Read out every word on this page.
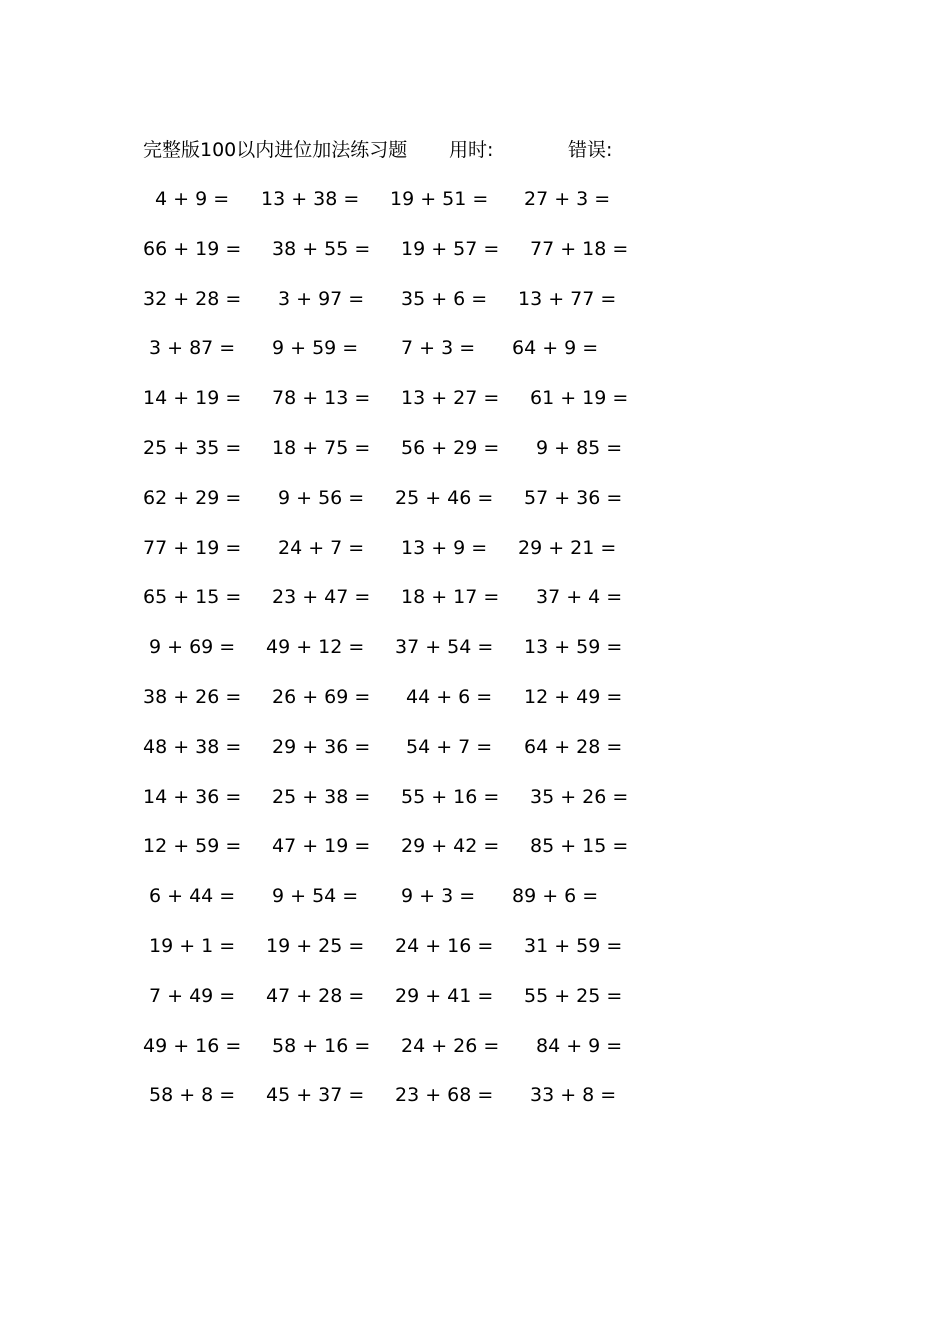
完整版100以内进位加法练习题 用时:	错误:
4 + 9 = 13 + 38 = 19 + 51 = 27 + 3 =
66 + 19 = 38 + 55 = 19 + 57 = 77 + 18 =
32 + 28 = 3 + 97 = 35 + 6 = 13 + 77 =
3 + 87 = 9 + 59 = 7 + 3 = 64 + 9 =
14 + 19 = 78 + 13 = 13 + 27 = 61 + 19 =
25 + 35 = 18 + 75 = 56 + 29 = 9 + 85 =
62 + 29 = 9 + 56 = 25 + 46 = 57 + 36 =
77 + 19 = 24 + 7 = 13 + 9 = 29 + 21 =
65 + 15 = 23 + 47 = 18 + 17 = 37 + 4 =
9 + 69 = 49 + 12 = 37 + 54 = 13 + 59 =
38 + 26 = 26 + 69 = 44 + 6 = 12 + 49 =
48 + 38 = 29 + 36 = 54 + 7 = 64 + 28 =
14 + 36 = 25 + 38 = 55 + 16 = 35 + 26 =
12 + 59 = 47 + 19 = 29 + 42 = 85 + 15 =
6 + 44 = 9 + 54 = 9 + 3 = 89 + 6 =
19 + 1 = 19 + 25 = 24 + 16 = 31 + 59 =
7 + 49 = 47 + 28 = 29 + 41 = 55 + 25 =
49 + 16 = 58 + 16 = 24 + 26 = 84 + 9 =
58 + 8 = 45 + 37 = 23 + 68 = 33 + 8 =
